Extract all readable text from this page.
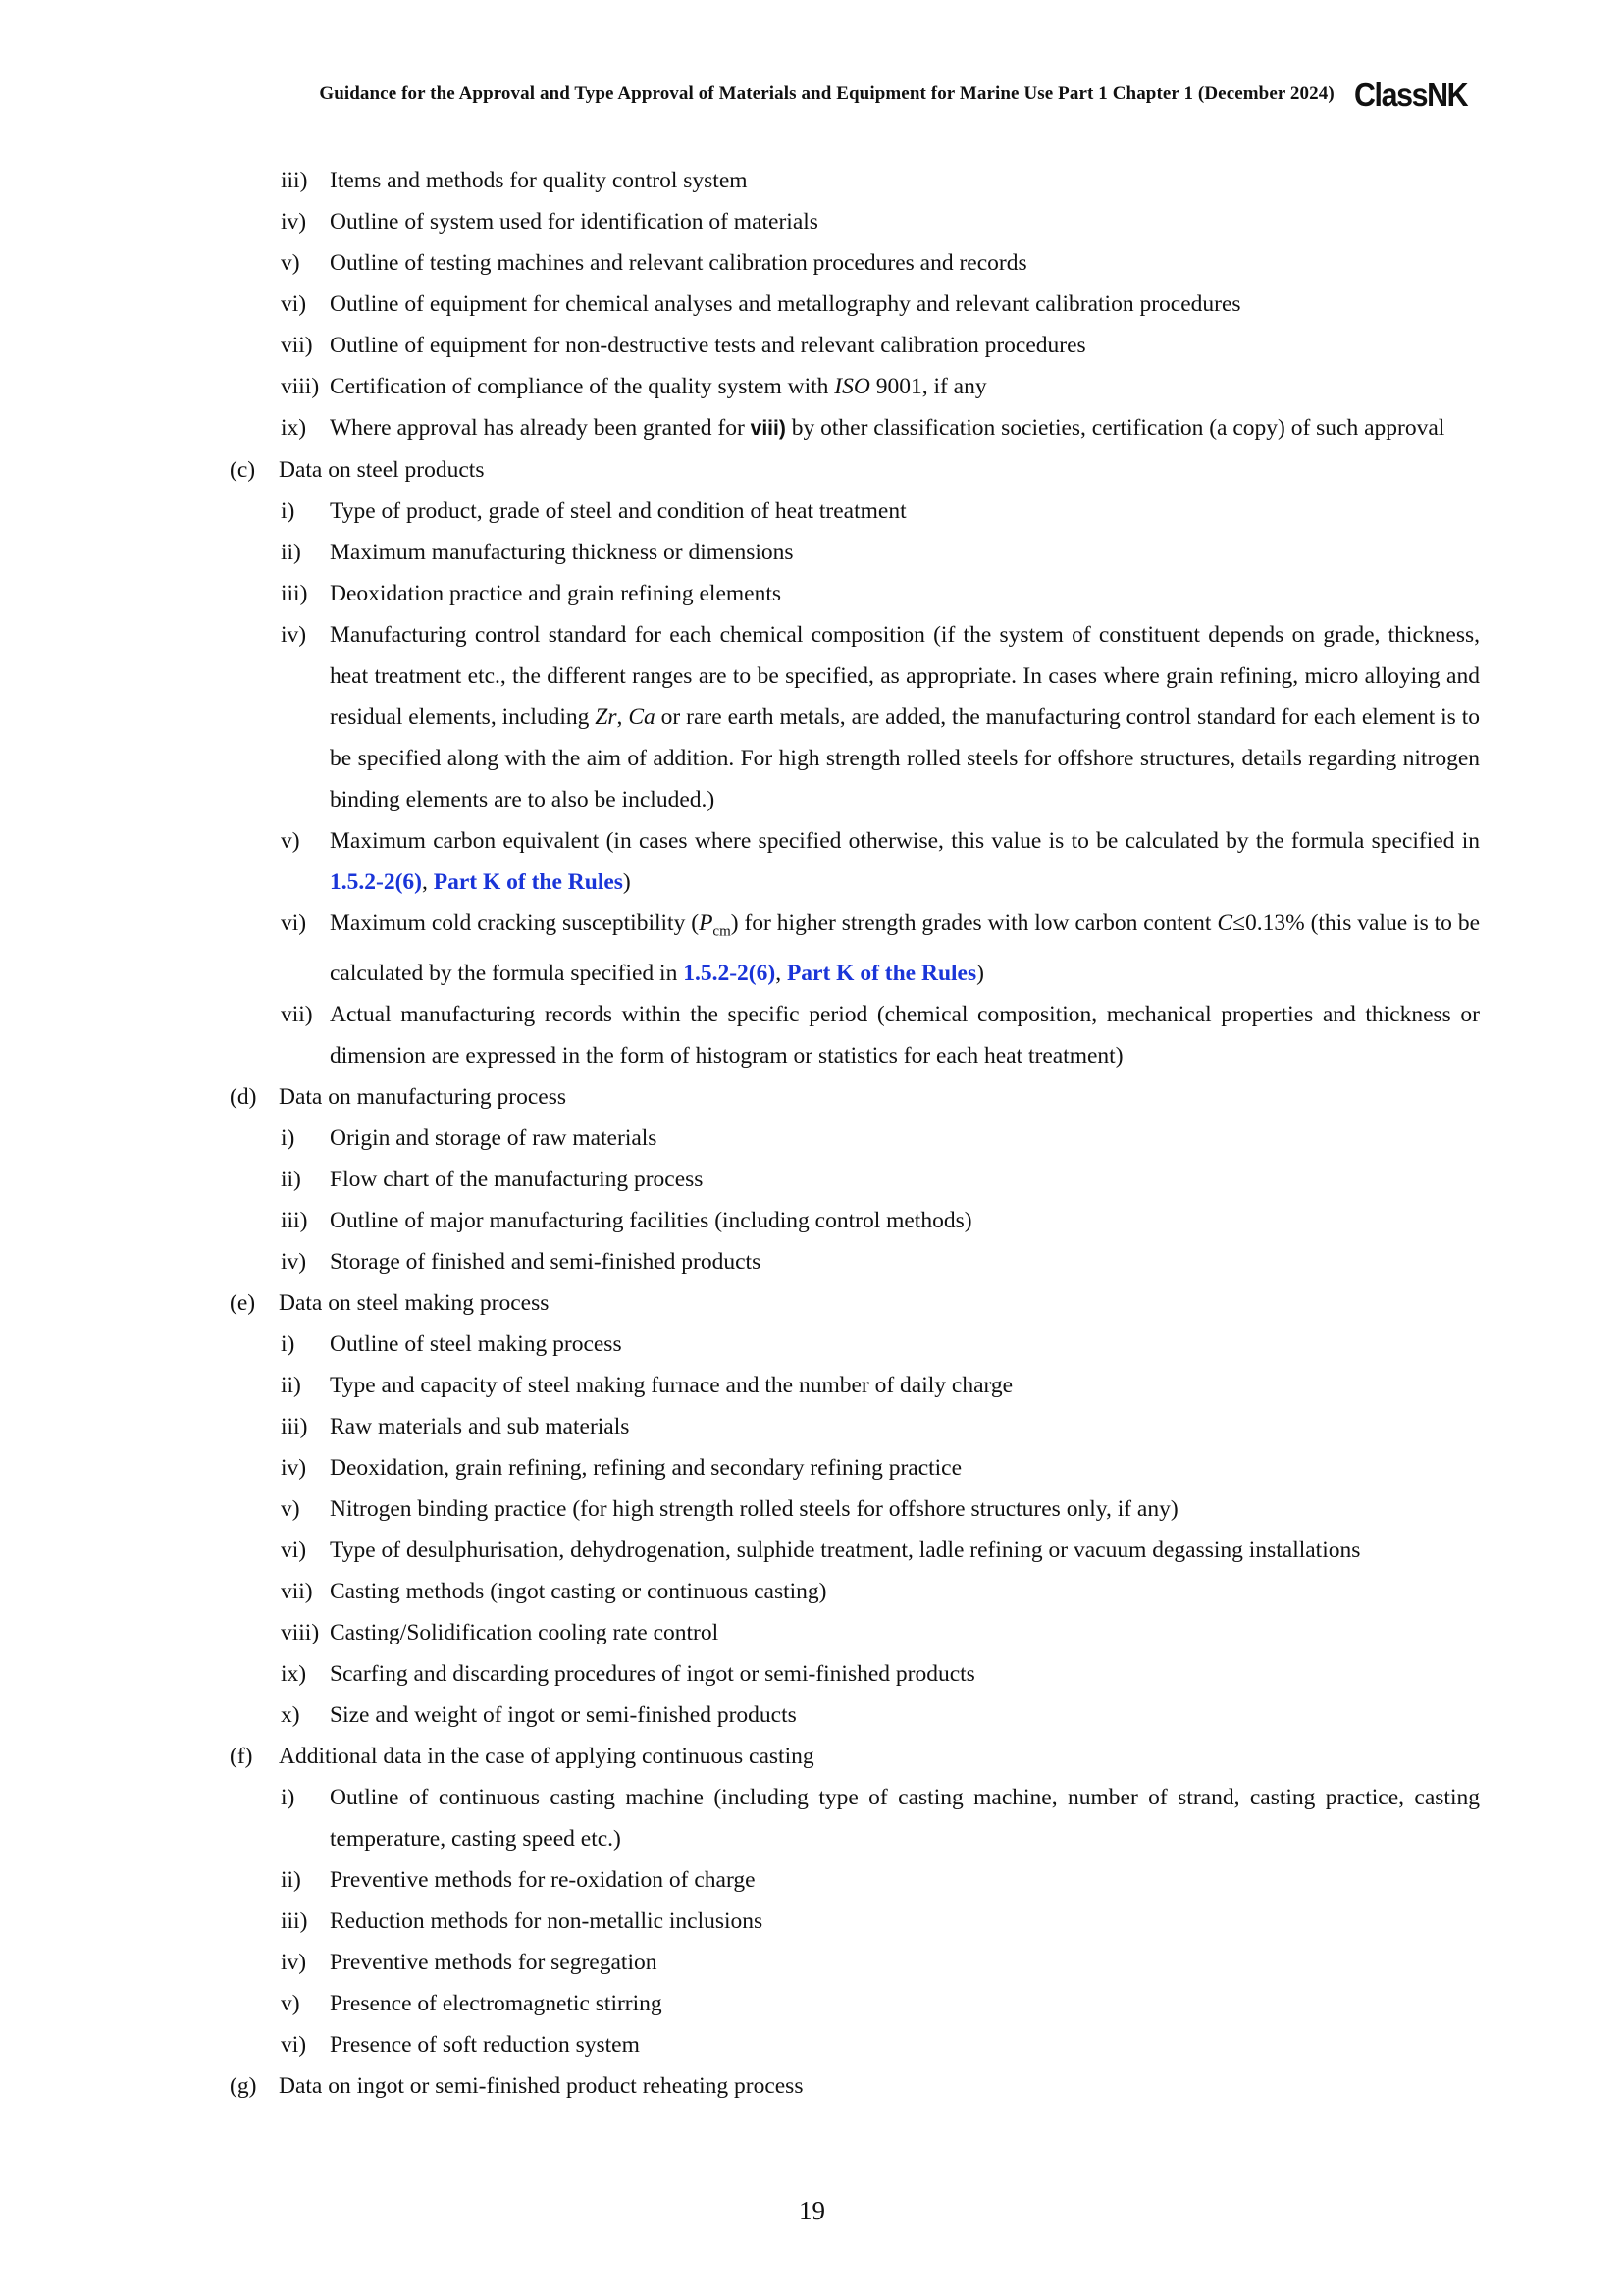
Guidance for the Approval and Type Approval of Materials and Equipment for Marine Use Part 1 Chapter 1 (December 2024) ClassNK
iii) Items and methods for quality control system
iv) Outline of system used for identification of materials
v) Outline of testing machines and relevant calibration procedures and records
vi) Outline of equipment for chemical analyses and metallography and relevant calibration procedures
vii) Outline of equipment for non-destructive tests and relevant calibration procedures
viii) Certification of compliance of the quality system with ISO 9001, if any
ix) Where approval has already been granted for viii) by other classification societies, certification (a copy) of such approval
(c) Data on steel products
i) Type of product, grade of steel and condition of heat treatment
ii) Maximum manufacturing thickness or dimensions
iii) Deoxidation practice and grain refining elements
iv) Manufacturing control standard for each chemical composition (if the system of constituent depends on grade, thickness, heat treatment etc., the different ranges are to be specified, as appropriate. In cases where grain refining, micro alloying and residual elements, including Zr, Ca or rare earth metals, are added, the manufacturing control standard for each element is to be specified along with the aim of addition. For high strength rolled steels for offshore structures, details regarding nitrogen binding elements are to also be included.)
v) Maximum carbon equivalent (in cases where specified otherwise, this value is to be calculated by the formula specified in 1.5.2-2(6), Part K of the Rules)
vi) Maximum cold cracking susceptibility $(P_{cm})$ for higher strength grades with low carbon content C≤0.13% (this value is to be calculated by the formula specified in 1.5.2-2(6), Part K of the Rules)
vii) Actual manufacturing records within the specific period (chemical composition, mechanical properties and thickness or dimension are expressed in the form of histogram or statistics for each heat treatment)
(d) Data on manufacturing process
i) Origin and storage of raw materials
ii) Flow chart of the manufacturing process
iii) Outline of major manufacturing facilities (including control methods)
iv) Storage of finished and semi-finished products
(e) Data on steel making process
i) Outline of steel making process
ii) Type and capacity of steel making furnace and the number of daily charge
iii) Raw materials and sub materials
iv) Deoxidation, grain refining, refining and secondary refining practice
v) Nitrogen binding practice (for high strength rolled steels for offshore structures only, if any)
vi) Type of desulphurisation, dehydrogenation, sulphide treatment, ladle refining or vacuum degassing installations
vii) Casting methods (ingot casting or continuous casting)
viii) Casting/Solidification cooling rate control
ix) Scarfing and discarding procedures of ingot or semi-finished products
x) Size and weight of ingot or semi-finished products
(f) Additional data in the case of applying continuous casting
i) Outline of continuous casting machine (including type of casting machine, number of strand, casting practice, casting temperature, casting speed etc.)
ii) Preventive methods for re-oxidation of charge
iii) Reduction methods for non-metallic inclusions
iv) Preventive methods for segregation
v) Presence of electromagnetic stirring
vi) Presence of soft reduction system
(g) Data on ingot or semi-finished product reheating process
19
